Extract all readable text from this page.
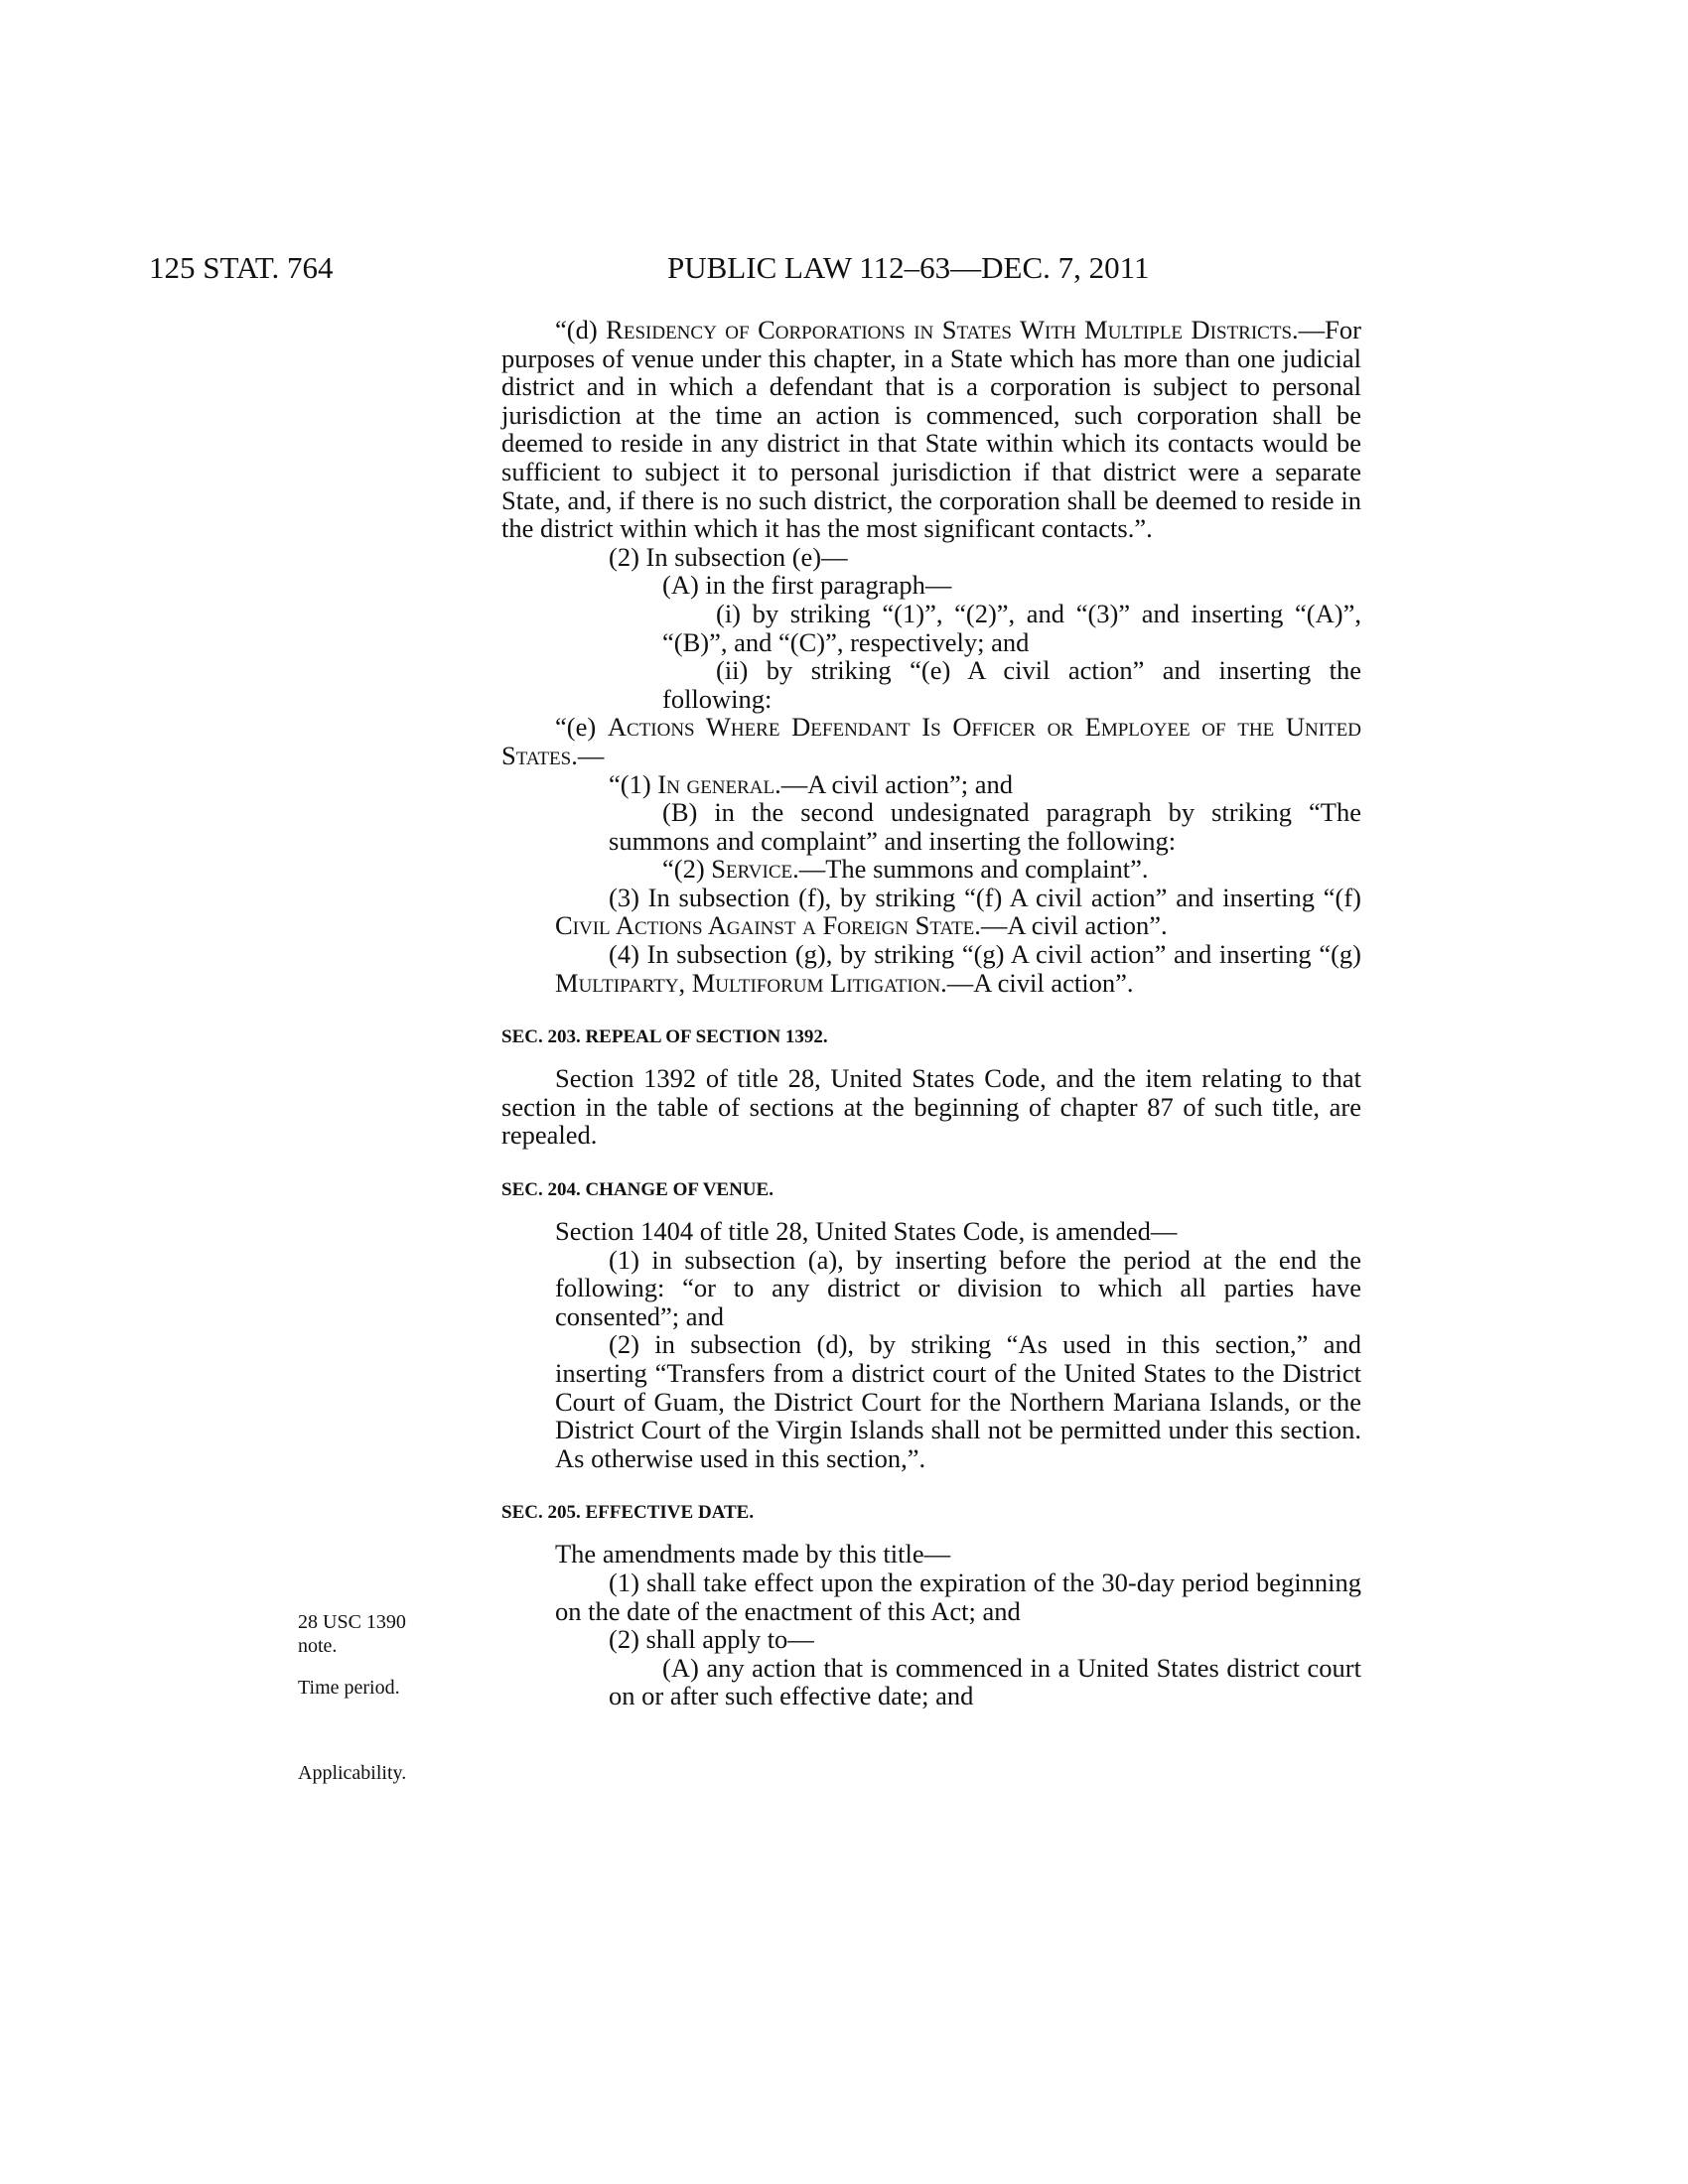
125 STAT. 764	PUBLIC LAW 112–63—DEC. 7, 2011

“(d) Residency of Corporations in States With Multiple Districts.—For purposes of venue under this chapter, in a State which has more than one judicial district and in which a defendant that is a corporation is subject to personal jurisdiction at the time an action is commenced, such corporation shall be deemed to reside in any district in that State within which its contacts would be sufficient to subject it to personal jurisdiction if that district were a separate State, and, if there is no such district, the corporation shall be deemed to reside in the district within which it has the most significant contacts.”.

(2) In subsection (e)—

(A) in the first paragraph—

(i) by striking “(1)”, “(2)”, and “(3)” and inserting “(A)”, “(B)”, and “(C)”, respectively; and

(ii) by striking “(e) A civil action” and inserting the following:

“(e) Actions Where Defendant Is Officer or Employee of the United States.—

“(1) In general.—A civil action”; and

(B) in the second undesignated paragraph by striking “The summons and complaint” and inserting the following:

“(2) Service.—The summons and complaint”.

(3) In subsection (f), by striking “(f) A civil action” and inserting “(f) Civil Actions Against a Foreign State.—A civil action”.

(4) In subsection (g), by striking “(g) A civil action” and inserting “(g) Multiparty, Multiforum Litigation.—A civil action”.

SEC. 203. REPEAL OF SECTION 1392.

Section 1392 of title 28, United States Code, and the item relating to that section in the table of sections at the beginning of chapter 87 of such title, are repealed.

SEC. 204. CHANGE OF VENUE.

Section 1404 of title 28, United States Code, is amended—

(1) in subsection (a), by inserting before the period at the end the following: “or to any district or division to which all parties have consented”; and

(2) in subsection (d), by striking “As used in this section,” and inserting “Transfers from a district court of the United States to the District Court of Guam, the District Court for the Northern Mariana Islands, or the District Court of the Virgin Islands shall not be permitted under this section. As otherwise used in this section,”.

SEC. 205. EFFECTIVE DATE.

The amendments made by this title—

(1) shall take effect upon the expiration of the 30-day period beginning on the date of the enactment of this Act; and

(2) shall apply to—

(A) any action that is commenced in a United States district court on or after such effective date; and

28 USC 1390
note.
Time period.
Applicability.
